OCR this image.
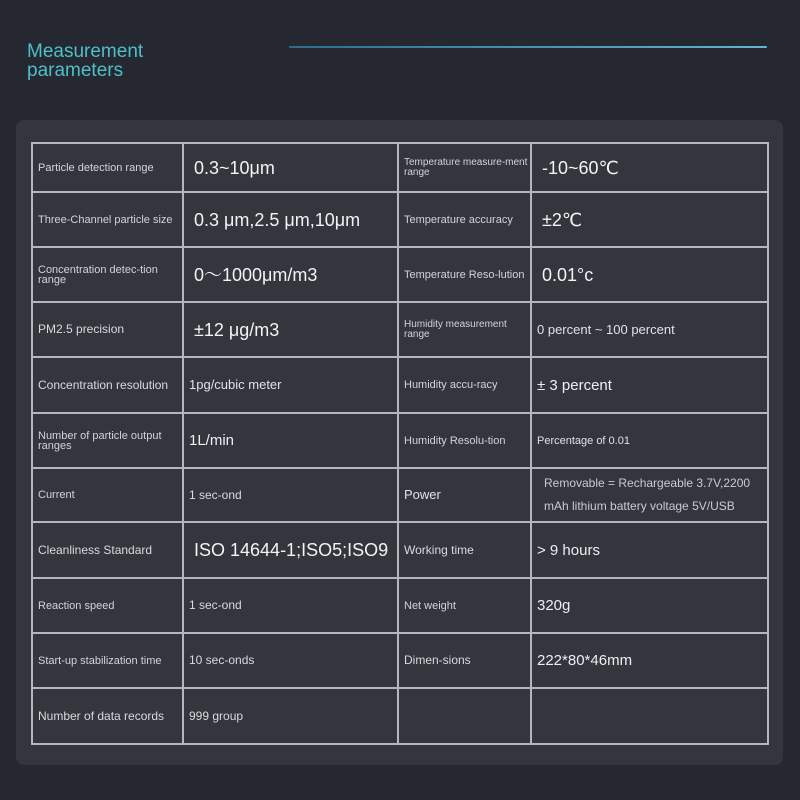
Measurement
parameters
Particle detection range	0.3~10μm	Temperature measure-ment range	-10~60℃
Three-Channel particle size	0.3 μm,2.5 μm,10μm	Temperature accuracy	±2℃
Concentration detec-tion range	0～1000μm/m3	Temperature Reso-lution	0.01°c
PM2.5 precision	±12 μg/m3	Humidity measurement range	0 percent ~ 100 percent
Concentration resolution	1pg/cubic meter	Humidity accu-racy	± 3 percent
Number of particle output ranges	1L/min	Humidity Resolu-tion	Percentage of 0.01
Current	1 sec-ond	Power	Removable = Rechargeable 3.7V,2200 mAh lithium battery voltage 5V/USB
Cleanliness Standard	ISO 14644-1;ISO5;ISO9	Working time	> 9 hours
Reaction speed	1 sec-ond	Net weight	320g
Start-up stabilization time	10 sec-onds	Dimen-sions	222*80*46mm
Number of data records	999 group		
